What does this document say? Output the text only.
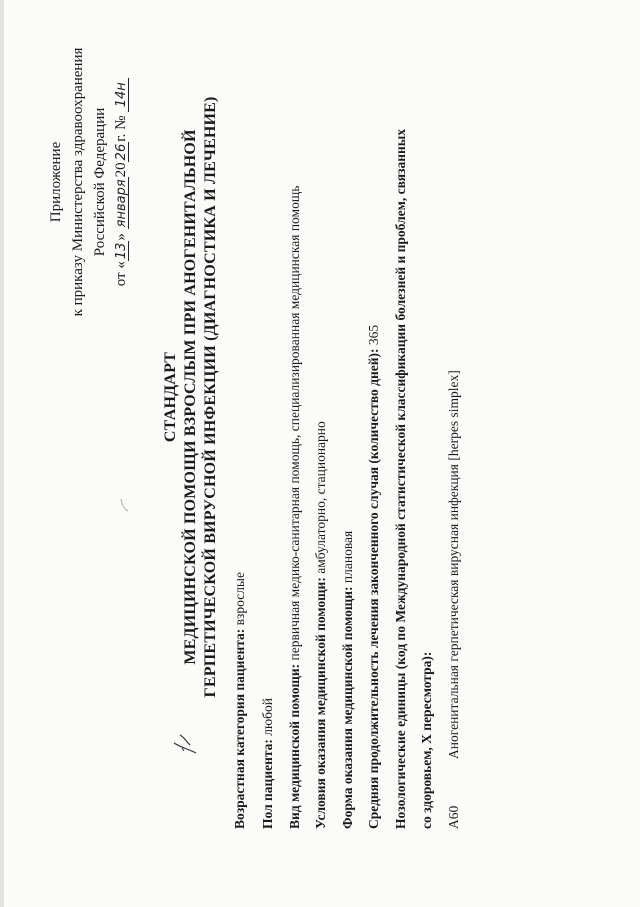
Приложение к приказу Министерства здравоохранения Российской Федерации
от «13» января2026г. № 14н
СТАНДАРТ МЕДИЦИНСКОЙ ПОМОЩИ ВЗРОСЛЫМ ПРИ АНОГЕНИТАЛЬНОЙ ГЕРПЕТИЧЕСКОЙ ВИРУСНОЙ ИНФЕКЦИИ (ДИАГНОСТИКА И ЛЕЧЕНИЕ)
Возрастная категория пациента: взрослые
Пол пациента: любой Вид медицинской помощи: первичная медико-санитарная помощь, специализированная медицинская помощь
Условия оказания медицинской помощи: амбулаторно, стационарно
Форма оказания медицинской помощи: плановая Средняя продолжительность лечения законченного случая (количество дней): 365 Нозологические единицы (код по Международной статистической классификации болезней и проблем, связанных со здоровьем, X пересмотра): A60
Аногенитальная герпетическая вирусная инфекция [herpes simplex]
